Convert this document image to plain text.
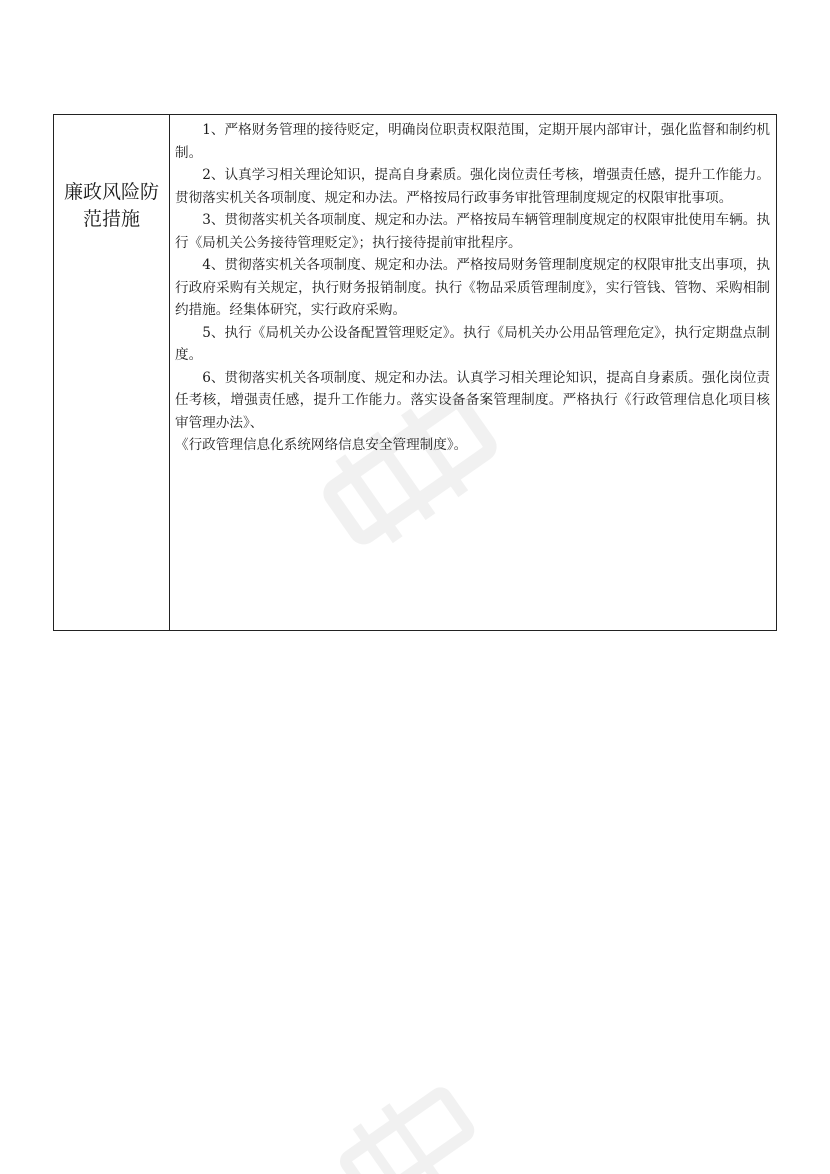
廉政风险防
范措施

1、严格财务管理的接待贬定，明确岗位职责权限范围，定期开展内部审计，强化监督和制约机制。

2、认真学习相关理论知识，提高自身素质。强化岗位责任考核，增强责任感，提升工作能力。贯彻落实机关各项制度、规定和办法。严格按局行政事务审批管理制度规定的权限审批事项。

3、贯彻落实机关各项制度、规定和办法。严格按局车辆管理制度规定的权限审批使用车辆。执行《局机关公务接待管理贬定》；执行接待提前审批程序。

4、贯彻落实机关各项制度、规定和办法。严格按局财务管理制度规定的权限审批支出事项，执行政府采购有关规定，执行财务报销制度。执行《物品采质管理制度》，实行管钱、管物、采购相制约措施。经集体研究，实行政府采购。

5、执行《局机关办公设备配置管理贬定》。执行《局机关办公用品管理危定》，执行定期盘点制度。

6、贯彻落实机关各项制度、规定和办法。认真学习相关理论知识，提高自身素质。强化岗位责任考核，增强责任感，提升工作能力。落实设备备案管理制度。严格执行《行政管理信息化项目核审管理办法》、

《行政管理信息化系统网络信息安全管理制度》。
